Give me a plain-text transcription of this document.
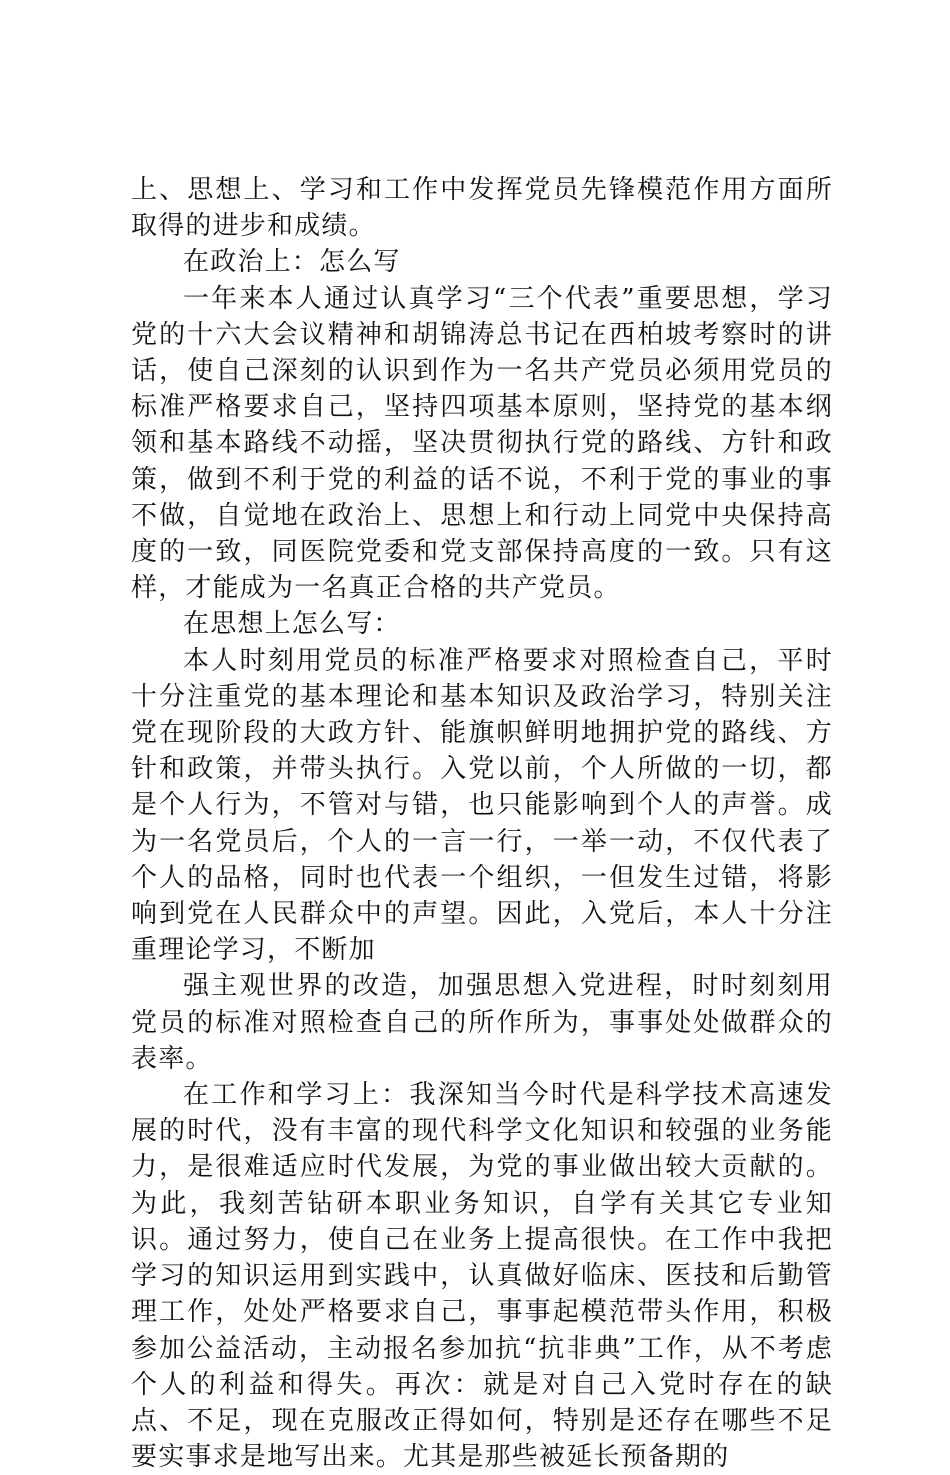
上、思想上、学习和工作中发挥党员先锋模范作用方面所取得的进步和成绩。

在政治上：怎么写

一年来本人通过认真学习“三个代表”重要思想，学习党的十六大会议精神和胡锦涛总书记在西柏坡考察时的讲话，使自己深刻的认识到作为一名共产党员必须用党员的标准严格要求自己，坚持四项基本原则，坚持党的基本纲领和基本路线不动摇，坚决贯彻执行党的路线、方针和政策，做到不利于党的利益的话不说，不利于党的事业的事不做，自觉地在政治上、思想上和行动上同党中央保持高度的一致，同医院党委和党支部保持高度的一致。只有这样，才能成为一名真正合格的共产党员。

在思想上怎么写：

本人时刻用党员的标准严格要求对照检查自己，平时十分注重党的基本理论和基本知识及政治学习，特别关注党在现阶段的大政方针、能旗帜鲜明地拥护党的路线、方针和政策，并带头执行。入党以前，个人所做的一切，都是个人行为，不管对与错，也只能影响到个人的声誉。成为一名党员后，个人的一言一行，一举一动，不仅代表了个人的品格，同时也代表一个组织，一但发生过错，将影响到党在人民群众中的声望。因此，入党后，本人十分注重理论学习，不断加

强主观世界的改造，加强思想入党进程，时时刻刻用党员的标准对照检查自己的所作所为，事事处处做群众的表率。

在工作和学习上：我深知当今时代是科学技术高速发展的时代，没有丰富的现代科学文化知识和较强的业务能力，是很难适应时代发展，为党的事业做出较大贡献的。为此，我刻苦钻研本职业务知识，自学有关其它专业知识。通过努力，使自己在业务上提高很快。在工作中我把学习的知识运用到实践中，认真做好临床、医技和后勤管理工作，处处严格要求自己，事事起模范带头作用，积极参加公益活动，主动报名参加抗“抗非典”工作，从不考虑个人的利益和得失。再次：就是对自己入党时存在的缺点、不足，现在克服改正得如何，特别是还存在哪些不足要实事求是地写出来。尤其是那些被延长预备期的
